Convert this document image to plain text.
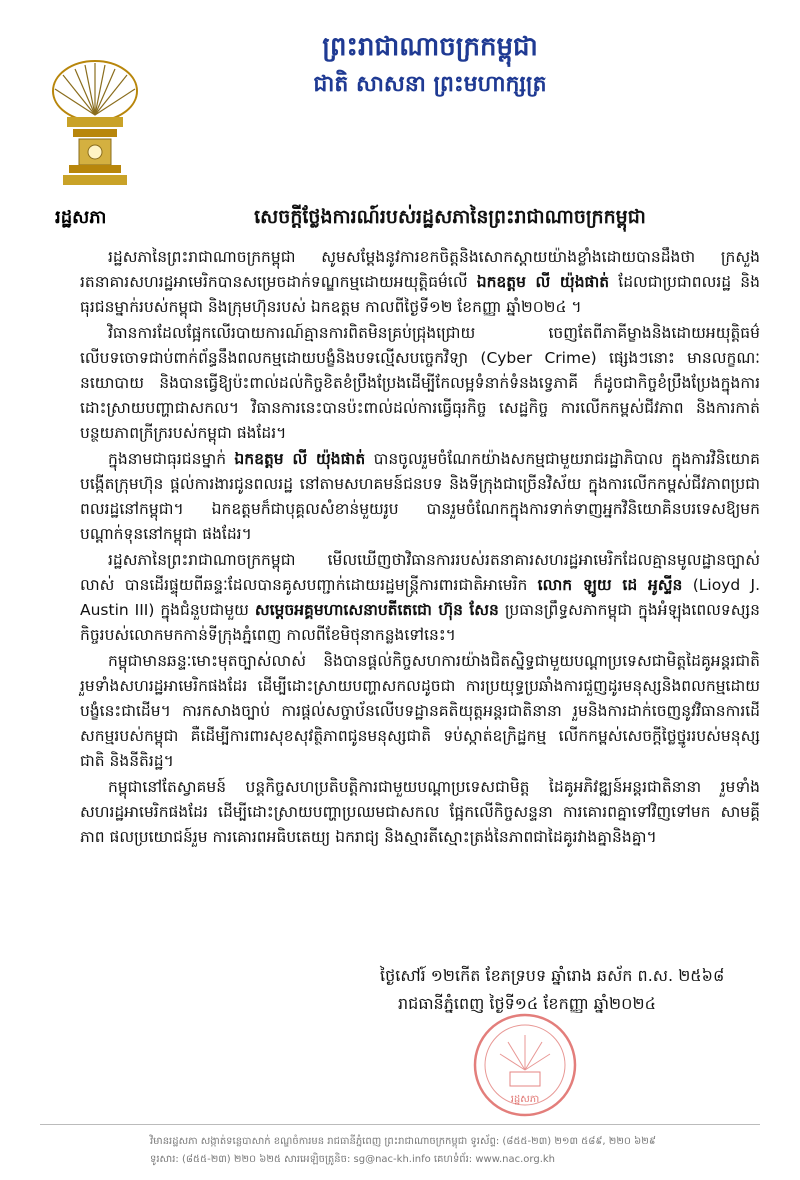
ព្រះរាជាណាចក្រកម្ពុជា
ជាតិ សាសនា ព្រះមហាក្សត្រ
រដ្ឋសភា	សេចក្ដីថ្លែងការណ៍របស់រដ្ឋសភានៃព្រះរាជាណាចក្រកម្ពុជា

រដ្ឋសភានៃព្រះរាជាណាចក្រកម្ពុជា សូមសម្ដែងនូវការខកចិត្តនិងសោកស្ដាយយ៉ាងខ្លាំងដោយបានដឹងថា ក្រសួងរតនាគារសហរដ្ឋអាមេរិកបានសម្រេចដាក់ទណ្ឌកម្មដោយអយុត្តិធម៌លើ ឯកឧត្តម លី យ៉ុងផាត់ ដែលជាប្រជាពលរដ្ឋ និងធុរជនម្នាក់របស់កម្ពុជា និងក្រុមហ៊ុនរបស់ ឯកឧត្តម កាលពីថ្ងៃទី១២ ខែកញ្ញា ឆ្នាំ២០២៤ ។

វិធានការដែលផ្អែកលើរបាយការណ៍គ្មានការពិតមិនគ្រប់ជ្រុងជ្រោយ ចេញតែពីភាគីម្ខាងនិងដោយអយុត្តិធម៌ លើបទចោទជាប់ពាក់ព័ន្ធនឹងពលកម្មដោយបង្ខំនិងបទល្មើសបច្ចេកវិទ្យា (Cyber Crime) ផ្សេងៗនោះ មានលក្ខណៈនយោបាយ និងបានធ្វើឱ្យប៉ះពាល់ដល់កិច្ចខិតខំប្រឹងប្រែងដើម្បីកែលម្អទំនាក់ទំនងទ្វេភាគី ក៏ដូចជាកិច្ចខំប្រឹងប្រែងក្នុងការដោះស្រាយបញ្ហាជាសកល។ វិធានការនេះបានប៉ះពាល់ដល់ការធ្វើធុរកិច្ច សេដ្ឋកិច្ច ការលើកកម្ពស់ជីវភាព និងការកាត់បន្ថយភាពក្រីក្ររបស់កម្ពុជា ផងដែរ។

ក្នុងនាមជាធុរជនម្នាក់ ឯកឧត្តម លី យ៉ុងផាត់ បានចូលរួមចំណែកយ៉ាងសកម្មជាមួយរាជរដ្ឋាភិបាល ក្នុងការវិនិយោគបង្កើតក្រុមហ៊ុន ផ្ដល់ការងារជូនពលរដ្ឋ នៅតាមសហគមន៍ជនបទ និងទីក្រុងជាច្រើនវិស័យ ក្នុងការលើកកម្ពស់ជីវភាពប្រជាពលរដ្ឋនៅកម្ពុជា។ ឯកឧត្តមក៏ជាបុគ្គលសំខាន់មួយរូប បានរួមចំណែកក្នុងការទាក់ទាញអ្នកវិនិយោគិនបរទេសឱ្យមកបណ្ដាក់ទុននៅកម្ពុជា ផងដែរ។

រដ្ឋសភានៃព្រះរាជាណាចក្រកម្ពុជា មើលឃើញថាវិធានការរបស់រតនាគារសហរដ្ឋអាមេរិកដែលគ្មានមូលដ្ឋានច្បាស់លាស់ បានដើរផ្ទុយពីឆន្ទៈដែលបានគូសបញ្ជាក់ដោយរដ្ឋមន្ត្រីការពារជាតិអាមេរិក លោក ឡូយ ដេ អូស្ទីន (Lioyd J. Austin III) ក្នុងជំនួបជាមួយ សម្ដេចអគ្គមហាសេនាបតីតេជោ ហ៊ុន សែន ប្រធានព្រឹទ្ធសភាកម្ពុជា ក្នុងអំឡុងពេលទស្សនកិច្ចរបស់លោកមកកាន់ទីក្រុងភ្នំពេញ កាលពីខែមិថុនាកន្លងទៅនេះ។

កម្ពុជាមានឆន្ទៈមោះមុតច្បាស់លាស់ និងបានផ្ដល់កិច្ចសហការយ៉ាងជិតស្និទ្ធជាមួយបណ្ដាប្រទេសជាមិត្តដៃគូអន្តរជាតិ រួមទាំងសហរដ្ឋអាមេរិកផងដែរ ដើម្បីដោះស្រាយបញ្ហាសកលដូចជា ការប្រយុទ្ធប្រឆាំងការជួញដូរមនុស្សនិងពលកម្មដោយបង្ខំនេះជាដើម។ ការកសាងច្បាប់ ការផ្ដល់សច្ចាប័នលើបទដ្ឋានគតិយុត្តអន្តរជាតិនានា រួមនិងការដាក់ចេញនូវវិធានការដើសកម្មរបស់កម្ពុជា គឺដើម្បីការពារសុខសុវត្ថិភាពជូនមនុស្សជាតិ ទប់ស្កាត់ឧក្រិដ្ឋកម្ម លើកកម្ពស់សេចក្ដីថ្លៃថ្នូររបស់មនុស្សជាតិ និងនីតិរដ្ឋ។

កម្ពុជានៅតែស្វាគមន៍ បន្តកិច្ចសហប្រតិបត្តិការជាមួយបណ្ដាប្រទេសជាមិត្ត ដៃគូអភិវឌ្ឍន៍អន្តរជាតិនានា រួមទាំងសហរដ្ឋអាមេរិកផងដែរ ដើម្បីដោះស្រាយបញ្ហាប្រឈមជាសកល ផ្អែកលើកិច្ចសន្ទនា ការគោរពគ្នាទៅវិញទៅមក សាមគ្គីភាព ផលប្រយោជន៍រួម ការគោរពអធិបតេយ្យ ឯករាជ្យ និងស្មារតីស្មោះត្រង់នៃភាពជាដៃគូរវាងគ្នានិងគ្នា។

ថ្ងៃសៅរ៍ ១២កើត ខែភទ្របទ ឆ្នាំរោង ឆស័ក ព.ស. ២៥៦៨
រាជធានីភ្នំពេញ ថ្ងៃទី១៤ ខែកញ្ញា ឆ្នាំ២០២៤
រដ្ឋសភា
វិមានរដ្ឋសភា សង្កាត់ទន្លេបាសាក់ ខណ្ឌចំការមន រាជធានីភ្នំពេញ ព្រះរាជាណាចក្រកម្ពុជា ទូរស័ព្ទ: (៨៥៥-២៣) ២១៣ ៥៨៩, ២២០ ៦២៩
ទូរសារ: (៨៥៥-២៣) ២២០ ៦២៥ សារអេឡិចត្រូនិច: sg@nac-kh.info គេហទំព័រ: www.nac.org.kh
